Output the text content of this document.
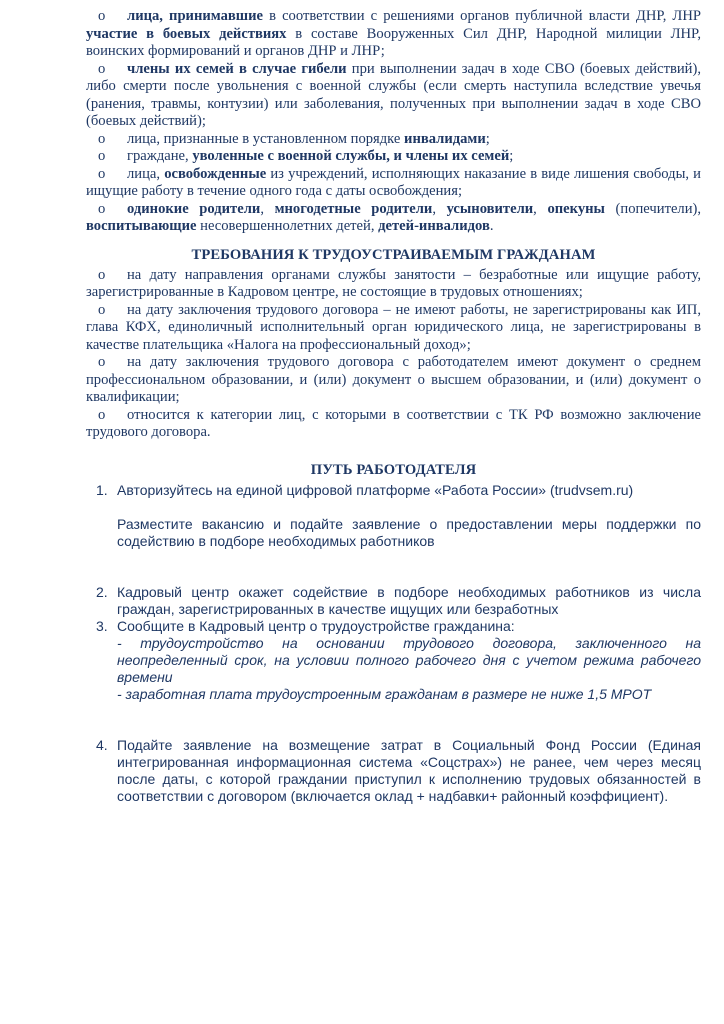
o лица, принимавшие в соответствии с решениями органов публичной власти ДНР, ЛНР участие в боевых действиях в составе Вооруженных Сил ДНР, Народной милиции ЛНР, воинских формирований и органов ДНР и ЛНР;

o члены их семей в случае гибели при выполнении задач в ходе СВО (боевых действий), либо смерти после увольнения с военной службы (если смерть наступила вследствие увечья (ранения, травмы, контузии) или заболевания, полученных при выполнении задач в ходе СВО (боевых действий);

o лица, признанные в установленном порядке инвалидами;

o граждане, уволенные с военной службы, и члены их семей;

o лица, освобожденные из учреждений, исполняющих наказание в виде лишения свободы, и ищущие работу в течение одного года с даты освобождения;

o одинокие родители, многодетные родители, усыновители, опекуны (попечители), воспитывающие несовершеннолетних детей, детей-инвалидов.

ТРЕБОВАНИЯ К ТРУДОУСТРАИВАЕМЫМ ГРАЖДАНАМ

o на дату направления органами службы занятости – безработные или ищущие работу, зарегистрированные в Кадровом центре, не состоящие в трудовых отношениях;

o на дату заключения трудового договора – не имеют работы, не зарегистрированы как ИП, глава КФХ, единоличный исполнительный орган юридического лица, не зарегистрированы в качестве плательщика «Налога на профессиональный доход»;

o на дату заключения трудового договора с работодателем имеют документ о среднем профессиональном образовании, и (или) документ о высшем образовании, и (или) документ о квалификации;

o относится к категории лиц, с которыми в соответствии с ТК РФ возможно заключение трудового договора.

ПУТЬ РАБОТОДАТЕЛЯ

1. Авторизуйтесь на единой цифровой платформе «Работа России» (trudvsem.ru)
Разместите вакансию и подайте заявление о предоставлении меры поддержки по содействию в подборе необходимых работников
2. Кадровый центр окажет содействие в подборе необходимых работников из числа граждан, зарегистрированных в качестве ищущих или безработных
3. Сообщите в Кадровый центр о трудоустройстве гражданина:
- трудоустройство на основании трудового договора, заключенного на неопределенный срок, на условии полного рабочего дня с учетом режима рабочего времени
- заработная плата трудоустроенным гражданам в размере не ниже 1,5 МРОТ
4. Подайте заявление на возмещение затрат в Социальный Фонд России (Единая интегрированная информационная система «Соцстрах») не ранее, чем через месяц после даты, с которой граждании приступил к исполнению трудовых обязанностей в соответствии с договором (включается оклад + надбавки+ районный коэффициент).
